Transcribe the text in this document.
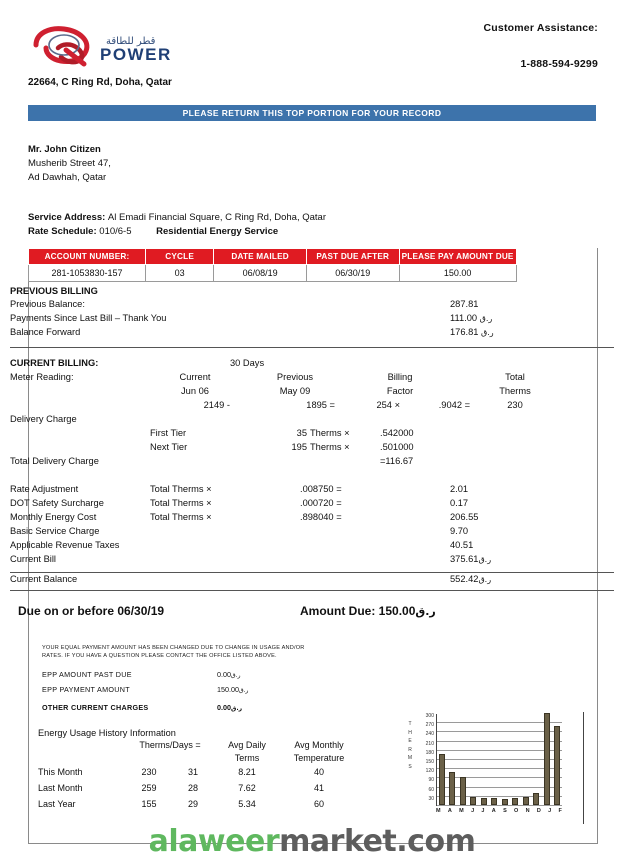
قطر للطاقة
POWER
Customer Assistance:
1-888-594-9299
22664, C Ring Rd, Doha, Qatar
PLEASE RETURN THIS TOP PORTION FOR YOUR RECORD
Mr. John Citizen
Musherib Street 47,
Ad Dawhah, Qatar
Service Address: Al Emadi Financial Square, C Ring Rd, Doha, Qatar
Rate Schedule: 010/6-5	Residential Energy Service
ACCOUNT NUMBER:	CYCLE	DATE MAILED	PAST DUE AFTER	PLEASE PAY AMOUNT DUE
281-1053830-157	03	06/08/19	06/30/19	150.00
PREVIOUS BILLING
Previous Balance:	287.81
Payments Since Last Bill – Thank You	111.00 ر.ق
Balance Forward	176.81 ر.ق
CURRENT BILLING:	30 Days
Meter Reading:	Current	Previous	Billing	Total
Jun 06	May 09	Factor	Therms
2149 -	1895 =	254 ×	.9042 =	230
Delivery Charge
First Tier	35 Therms ×	.542000
Next Tier	195 Therms ×	.501000
Total Delivery Charge	=116.67
Rate Adjustment	Total Therms ×	.008750 =	2.01
DOT Safety Surcharge	Total Therms ×	.000720 =	0.17
Monthly Energy Cost	Total Therms ×	.898040 =	206.55
Basic Service Charge	9.70
Applicable Revenue Taxes	40.51
Current Bill	375.61ر.ق
Current Balance	552.42ر.ق
Due on or before 06/30/19	Amount Due: 150.00ر.ق
YOUR EQUAL PAYMENT AMOUNT HAS BEEN CHANGED DUE TO CHANGE IN USAGE AND/OR RATES. IF YOU HAVE A QUESTION PLEASE CONTACT THE OFFICE LISTED ABOVE.
EPP AMOUNT PAST DUE	0.00ر.ق
EPP PAYMENT AMOUNT	150.00ر.ق
OTHER CURRENT CHARGES	0.00ر.ق
Energy Usage History Information
Therms/Days =	Avg Daily	Avg Monthly
Terms	Temperature
This Month	230	31	8.21	40
Last Month	259	28	7.62	41
Last Year	155	29	5.34	60
T
H
E
R
M
S
300
270
240
210
180
150
120
90
60
30
M A M J J A S O N D J F
alaweermarket.com
